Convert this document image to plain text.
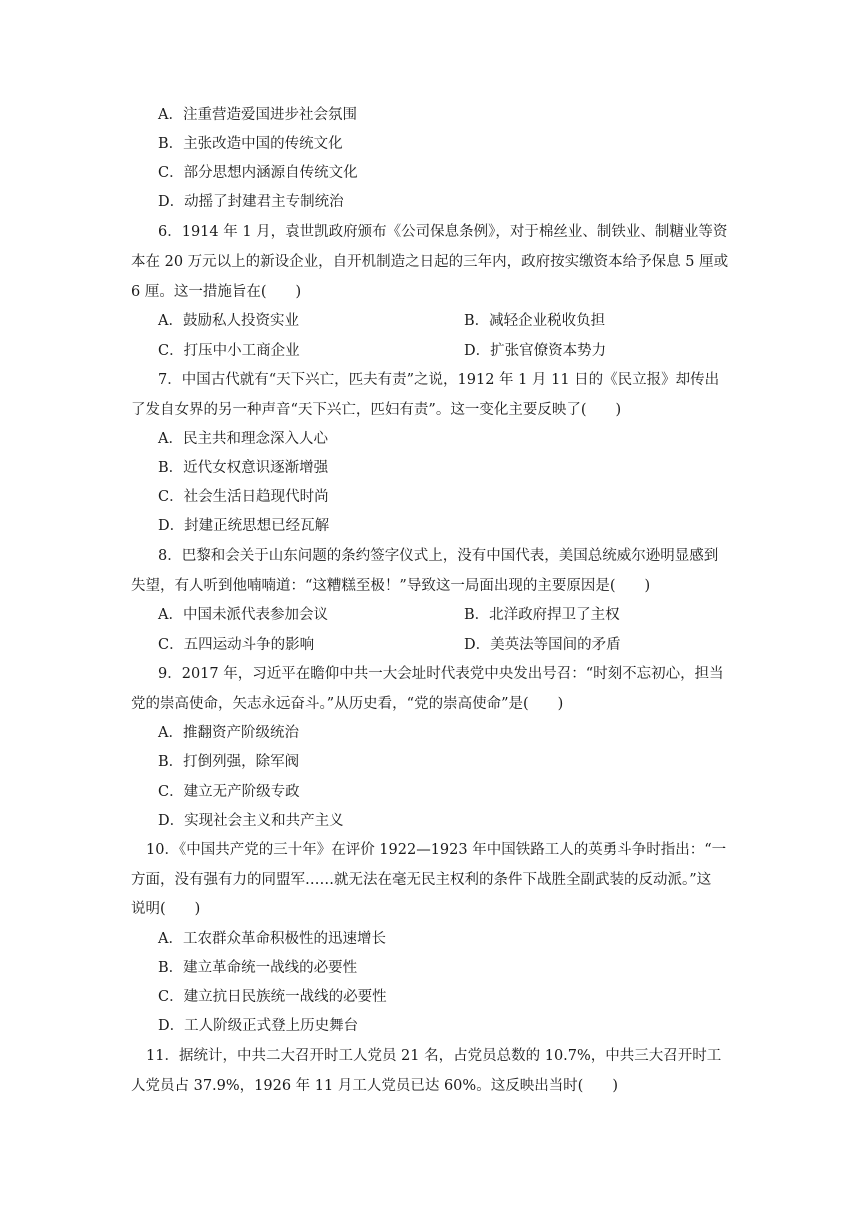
A．注重营造爱国进步社会氛围
B．主张改造中国的传统文化
C．部分思想内涵源自传统文化
D．动摇了封建君主专制统治
6．1914 年 1 月，袁世凯政府颁布《公司保息条例》，对于棉丝业、制铁业、制糖业等资
本在 20 万元以上的新设企业，自开机制造之日起的三年内，政府按实缴资本给予保息 5 厘或
6 厘。这一措施旨在(　　)
A．鼓励私人投资实业	B．减轻企业税收负担
C．打压中小工商企业	D．扩张官僚资本势力
7．中国古代就有“天下兴亡，匹夫有责”之说，1912 年 1 月 11 日的《民立报》却传出
了发自女界的另一种声音“天下兴亡，匹妇有责”。这一变化主要反映了(　　)
A．民主共和理念深入人心
B．近代女权意识逐渐增强
C．社会生活日趋现代时尚
D．封建正统思想已经瓦解
8．巴黎和会关于山东问题的条约签字仪式上，没有中国代表，美国总统威尔逊明显感到
失望，有人听到他喃喃道：“这糟糕至极！”导致这一局面出现的主要原因是(　　)
A．中国未派代表参加会议	B．北洋政府捍卫了主权
C．五四运动斗争的影响	D．美英法等国间的矛盾
9．2017 年，习近平在瞻仰中共一大会址时代表党中央发出号召：“时刻不忘初心，担当
党的崇高使命，矢志永远奋斗。”从历史看，“党的崇高使命”是(　　)
A．推翻资产阶级统治
B．打倒列强，除军阀
C．建立无产阶级专政
D．实现社会主义和共产主义
10．《中国共产党的三十年》在评价 1922—1923 年中国铁路工人的英勇斗争时指出：“一
方面，没有强有力的同盟军……就无法在毫无民主权利的条件下战胜全副武装的反动派。”这
说明(　　)
A．工农群众革命积极性的迅速增长
B．建立革命统一战线的必要性
C．建立抗日民族统一战线的必要性
D．工人阶级正式登上历史舞台
11．据统计，中共二大召开时工人党员 21 名，占党员总数的 10.7%，中共三大召开时工
人党员占 37.9%，1926 年 11 月工人党员已达 60%。这反映出当时(　　)
